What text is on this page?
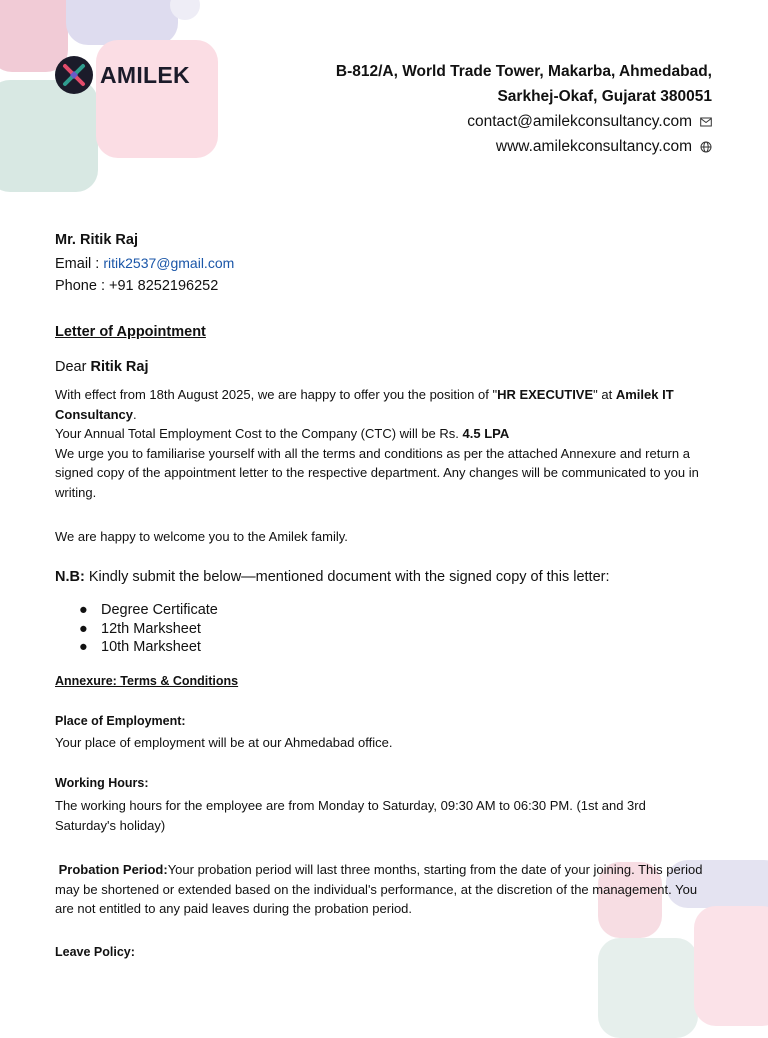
AMILEK	B-812/A, World Trade Tower, Makarba, Ahmedabad,
Sarkhej-Okaf, Gujarat 380051
contact@amilekconsultancy.com
www.amilekconsultancy.com
Mr. Ritik Raj
Email : ritik2537@gmail.com
Phone : +91 8252196252
Letter of Appointment
Dear Ritik Raj
With effect from 18th August 2025, we are happy to offer you the position of "HR EXECUTIVE" at Amilek IT Consultancy.
Your Annual Total Employment Cost to the Company (CTC) will be Rs. 4.5 LPA
We urge you to familiarise yourself with all the terms and conditions as per the attached Annexure and return a signed copy of the appointment letter to the respective department. Any changes will be communicated to you in writing.
We are happy to welcome you to the Amilek family.
N.B: Kindly submit the below—mentioned document with the signed copy of this letter:
● Degree Certificate
● 12th Marksheet
● 10th Marksheet
Annexure: Terms & Conditions
Place of Employment:
Your place of employment will be at our Ahmedabad office.
Working Hours:
The working hours for the employee are from Monday to Saturday, 09:30 AM to 06:30 PM. (1st and 3rd Saturday's holiday)
Probation Period:Your probation period will last three months, starting from the date of your joining. This period may be shortened or extended based on the individual's performance, at the discretion of the management. You are not entitled to any paid leaves during the probation period.
Leave Policy:
